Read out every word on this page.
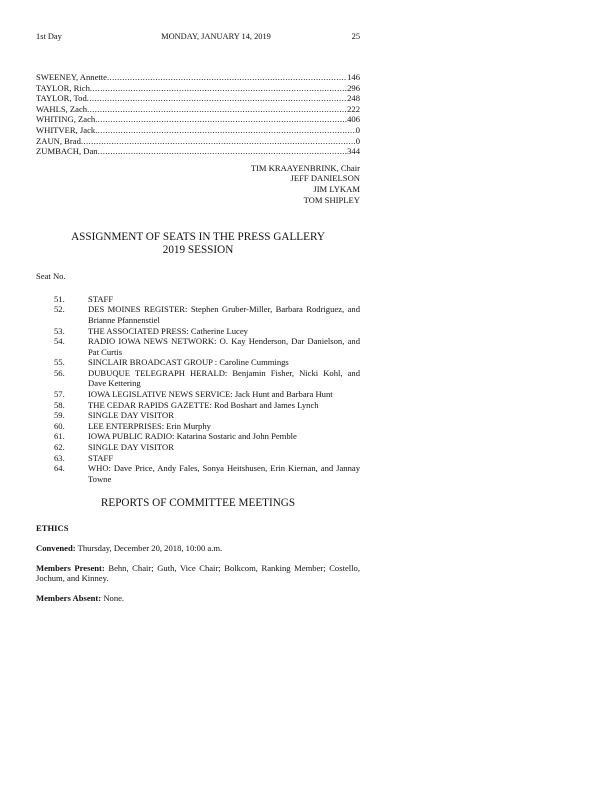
1st Day	MONDAY, JANUARY 14, 2019	25
SWEENEY, Annette .....	146
TAYLOR, Rich .....	296
TAYLOR, Tod .....	248
WAHLS, Zach .....	222
WHITING, Zach .....	406
WHITVER, Jack .....	0
ZAUN, Brad .....	0
ZUMBACH, Dan .....	344
TIM KRAAYENBRINK, Chair
JEFF DANIELSON
JIM LYKAM
TOM SHIPLEY
ASSIGNMENT OF SEATS IN THE PRESS GALLERY
2019 SESSION
Seat No.
51.	STAFF
52.	DES MOINES REGISTER: Stephen Gruber-Miller, Barbara Rodriguez, and Brianne Pfannenstiel
53.	THE ASSOCIATED PRESS: Catherine Lucey
54.	RADIO IOWA NEWS NETWORK: O. Kay Henderson, Dar Danielson, and Pat Curtis
55.	SINCLAIR BROADCAST GROUP : Caroline Cummings
56.	DUBUQUE TELEGRAPH HERALD: Benjamin Fisher, Nicki Kohl, and Dave Kettering
57.	IOWA LEGISLATIVE NEWS SERVICE: Jack Hunt and Barbara Hunt
58.	THE CEDAR RAPIDS GAZETTE: Rod Boshart and James Lynch
59.	SINGLE DAY VISITOR
60.	LEE ENTERPRISES: Erin Murphy
61.	IOWA PUBLIC RADIO: Katarina Sostaric and John Pemble
62.	SINGLE DAY VISITOR
63.	STAFF
64.	WHO: Dave Price, Andy Fales, Sonya Heitshusen, Erin Kiernan, and Jannay Towne
REPORTS OF COMMITTEE MEETINGS
ETHICS
Convened: Thursday, December 20, 2018, 10:00 a.m.
Members Present: Behn, Chair; Guth, Vice Chair; Bolkcom, Ranking Member; Costello, Jochum, and Kinney.
Members Absent: None.
